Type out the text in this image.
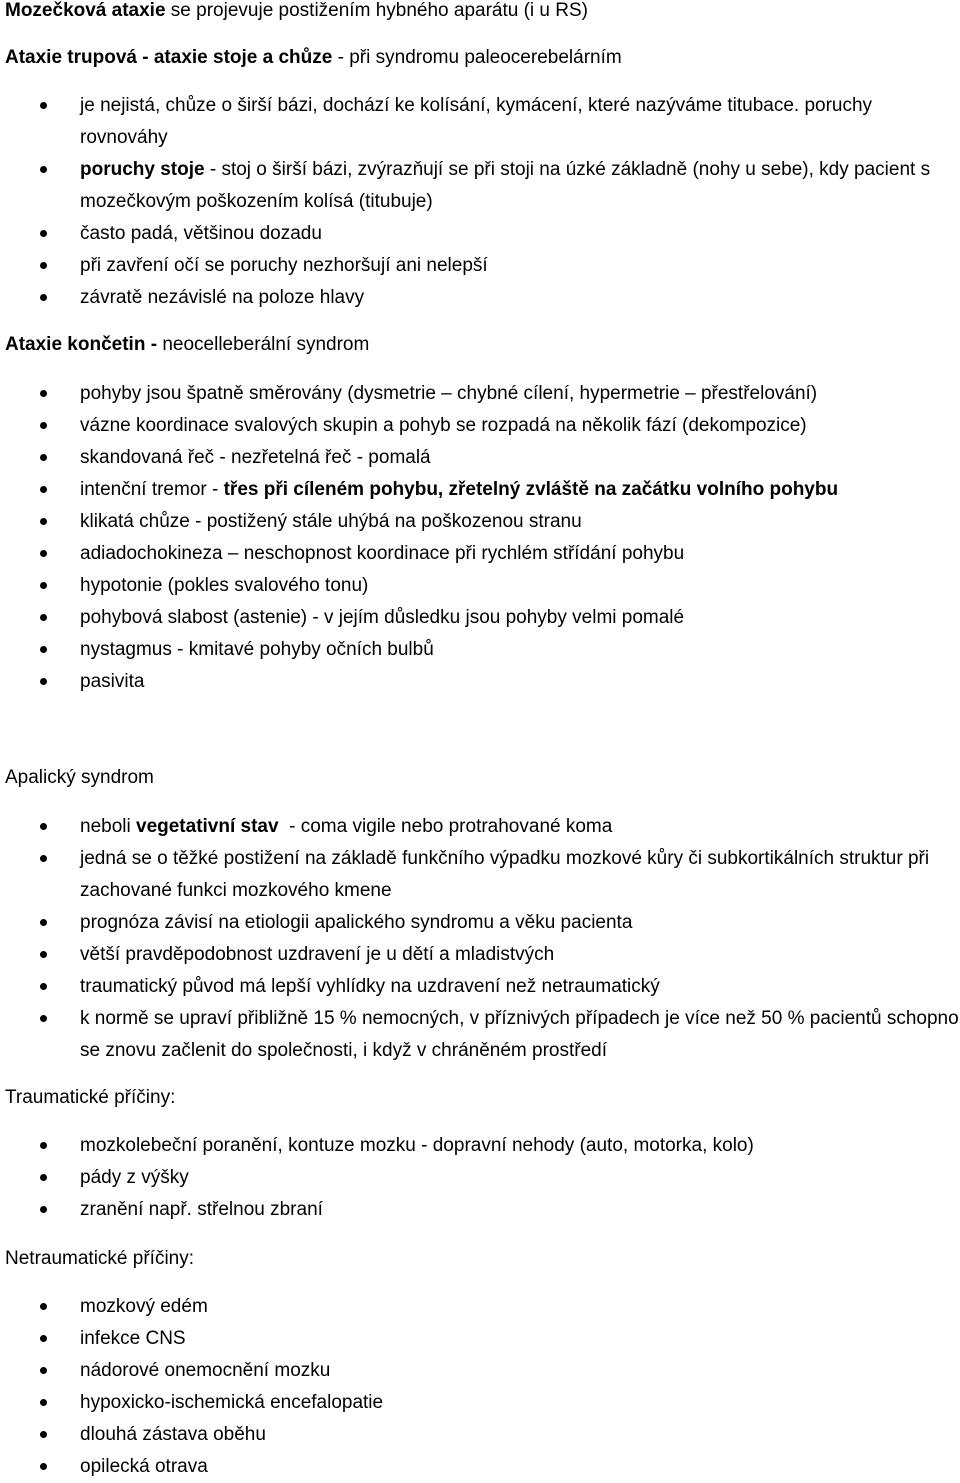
Mozečková ataxie se projevuje postižením hybného aparátu (i u RS)
Ataxie trupová - ataxie stoje a chůze - při syndromu paleocerebelárním
je nejistá, chůze o širší bázi, dochází ke kolísání, kymácení, které nazýváme titubace. poruchy rovnováhy
poruchy stoje - stoj o širší bázi, zvýrazňují se při stoji na úzké základně (nohy u sebe), kdy pacient s mozečkovým poškozením kolísá (titubuje)
často padá, většinou dozadu
při zavření očí se poruchy nezhoršují ani nelepší
závratě nezávislé na poloze hlavy
Ataxie končetin - neocelleberální syndrom
pohyby jsou špatně směrovány (dysmetrie – chybné cílení, hypermetrie – přestřelování)
vázne koordinace svalových skupin a pohyb se rozpadá na několik fází (dekompozice)
skandovaná řeč - nezřetelná řeč - pomalá
intenční tremor - třes při cíleném pohybu, zřetelný zvláště na začátku volního pohybu
klikatá chůze - postižený stále uhýbá na poškozenou stranu
adiadochokineza – neschopnost koordinace při rychlém střídání pohybu
hypotonie (pokles svalového tonu)
pohybová slabost (astenie) - v jejím důsledku jsou pohyby velmi pomalé
nystagmus - kmitavé pohyby očních bulbů
pasivita
Apalický syndrom
neboli vegetativní stav  - coma vigile nebo protrahované koma
jedná se o těžké postižení na základě funkčního výpadku mozkové kůry či subkortikálních struktur při zachované funkci mozkového kmene
prognóza závisí na etiologii apalického syndromu a věku pacienta
větší pravděpodobnost uzdravení je u dětí a mladistvých
traumatický původ má lepší vyhlídky na uzdravení než netraumatický
k normě se upraví přibližně 15 % nemocných, v příznivých případech je více než 50 % pacientů schopno se znovu začlenit do společnosti, i když v chráněném prostředí
Traumatické příčiny:
mozkolebeční poranění, kontuze mozku - dopravní nehody (auto, motorka, kolo)
pády z výšky
zranění např. střelnou zbraní
Netraumatické příčiny:
mozkový edém
infekce CNS
nádorové onemocnění mozku
hypoxicko-ischemická encefalopatie
dlouhá zástava oběhu
opilecká otrava
